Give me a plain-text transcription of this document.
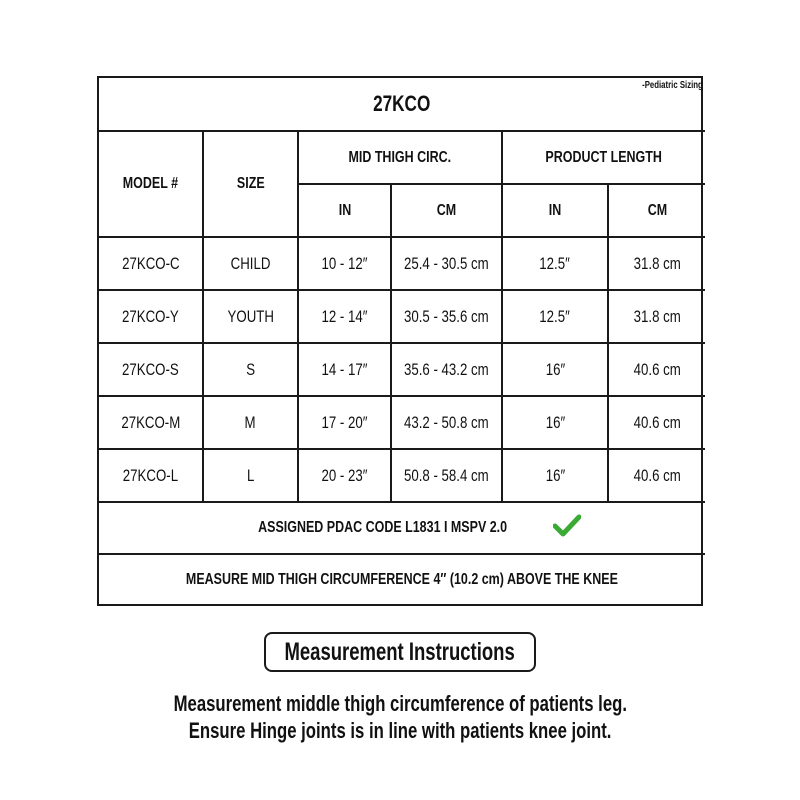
27KCO
-Pediatric Sizing					

MODEL #	SIZE	MID THIGH CIRC.		PRODUCT LENGTH	
		IN	CM	IN	CM
27KCO-C	CHILD	10 - 12″	25.4 - 30.5 cm	12.5″	31.8 cm
27KCO-Y	YOUTH	12 - 14″	30.5 - 35.6 cm	12.5″	31.8 cm
27KCO-S	S	14 - 17″	35.6 - 43.2 cm	16″	40.6 cm
27KCO-M	M	17 - 20″	43.2 - 50.8 cm	16″	40.6 cm
27KCO-L	L	20 - 23″	50.8 - 58.4 cm	16″	40.6 cm
ASSIGNED PDAC CODE L1831 I MSPV 2.0					
MEASURE MID THIGH CIRCUMFERENCE 4″ (10.2 cm) ABOVE THE KNEE					
Measurement Instructions
Measurement middle thigh circumference of patients leg.
Ensure Hinge joints is in line with patients knee joint.
